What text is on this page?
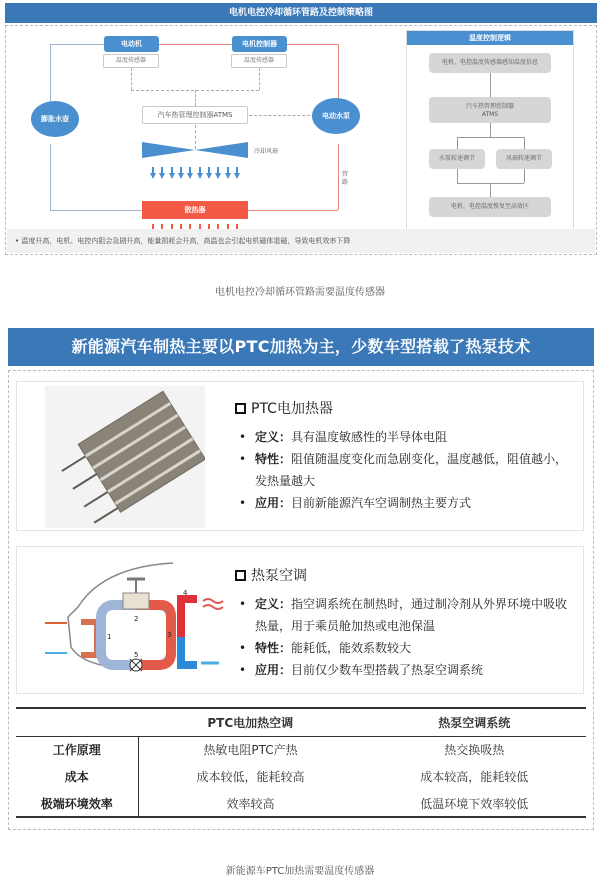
电机电控冷却循环管路及控制策略图
电动机
温度传感器
电机控制器
温度传感器
膨胀水壶	电动水泵
汽车热管理控制器ATMS
冷却风扇
管路
散热器
温度控制逻辑
电机、电控温度传感器感知温度信息
汽车热管理控制器
ATMS
水泵转速调节	风扇转速调节
电机、电控温度恢复至高效区
• 温度升高，电机、电控内阻会急剧升高，能量损耗会升高，高温也会引起电机磁体退磁，导致电机效率下降
电机电控冷却循环管路需要温度传感器
新能源汽车制热主要以PTC加热为主，少数车型搭载了热泵技术
PTC电加热器
• 定义：具有温度敏感性的半导体电阻
• 特性：阻值随温度变化而急剧变化，温度越低，阻值越小，发热量越大
• 应用：目前新能源汽车空调制热主要方式
1
2
3
4
5
热泵空调
• 定义：指空调系统在制热时，通过制冷剂从外界环境中吸收热量，用于乘员舱加热或电池保温
• 特性：能耗低，能效系数较大
• 应用：目前仅少数车型搭载了热泵空调系统
	PTC电加热空调	热泵空调系统
工作原理	热敏电阻PTC产热	热交换吸热
成本	成本较低，能耗较高	成本较高，能耗较低
极端环境效率	效率较高	低温环境下效率较低
新能源车PTC加热需要温度传感器
